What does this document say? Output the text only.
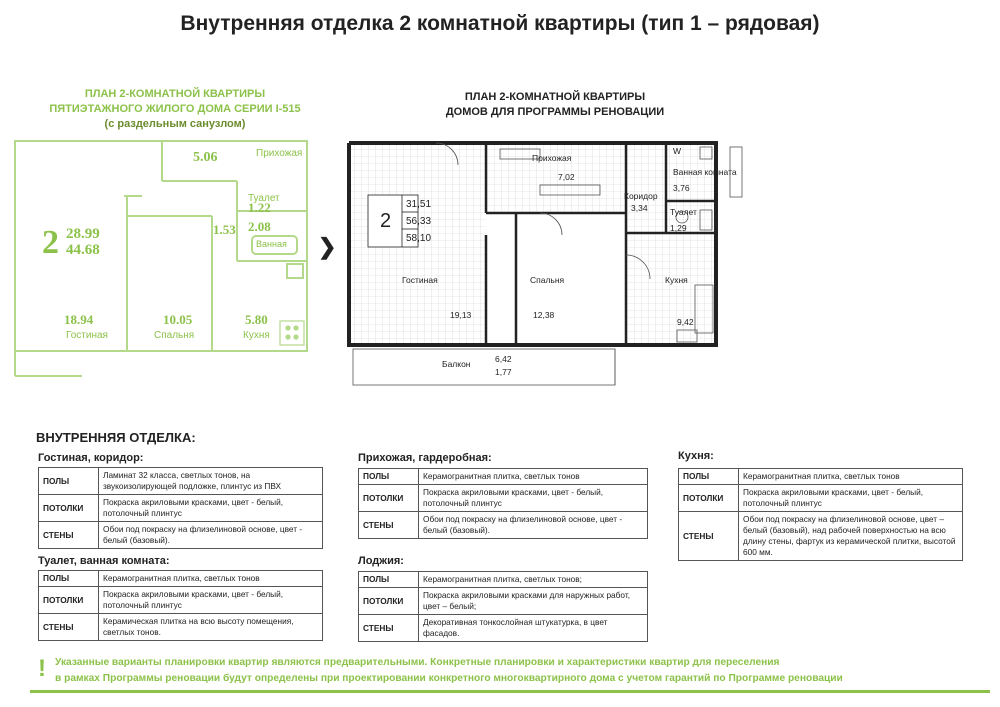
Внутренняя отделка 2 комнатной квартиры (тип 1 – рядовая)
ПЛАН 2-КОМНАТНОЙ КВАРТИРЫ
ПЯТИЭТАЖНОГО ЖИЛОГО ДОМА СЕРИИ I-515
(с раздельным санузлом)
2 28.99
44.68
5.06	Прихожая
Туалет
1.22
2.08
Ванная
1.53
18.94
Гостиная
10.05
Спальня
5.80
Кухня
❯
ПЛАН 2-КОМНАТНОЙ КВАРТИРЫ
ДОМОВ ДЛЯ ПРОГРАММЫ РЕНОВАЦИИ
2
31,51
56,33
58,10
Прихожая
7,02
W
Ванная комната
3,76
Коридор
3,34	Туалет
1,29
Гостиная
19,13
Спальня
12,38
Кухня
9,42
Балкон	6,42
1,77
ВНУТРЕННЯЯ ОТДЕЛКА:
Гостиная, коридор:
ПОЛЫ	Ламинат 32 класса, светлых тонов, на звукоизолирующей подложке, плинтус из ПВХ
ПОТОЛКИ	Покраска акриловыми красками, цвет - белый, потолочный плинтус
СТЕНЫ	Обои под покраску на флизелиновой основе, цвет - белый (базовый).
Туалет, ванная комната:
ПОЛЫ	Керамогранитная плитка, светлых тонов
ПОТОЛКИ	Покраска акриловыми красками, цвет - белый, потолочный плинтус
СТЕНЫ	Керамическая плитка на всю высоту помещения, светлых тонов.
Прихожая, гардеробная:
ПОЛЫ	Керамогранитная плитка, светлых тонов
ПОТОЛКИ	Покраска акриловыми красками, цвет - белый, потолочный плинтус
СТЕНЫ	Обои под покраску на флизелиновой основе, цвет - белый (базовый).
Лоджия:
ПОЛЫ	Керамогранитная плитка, светлых тонов;
ПОТОЛКИ	Покраска акриловыми красками для наружных работ, цвет – белый;
СТЕНЫ	Декоративная тонкослойная штукатурка, в цвет фасадов.
Кухня:
ПОЛЫ	Керамогранитная плитка, светлых тонов
ПОТОЛКИ	Покраска акриловыми красками, цвет - белый, потолочный плинтус
СТЕНЫ	Обои под покраску на флизелиновой основе, цвет – белый (базовый), над рабочей поверхностью на всю длину стены, фартук из керамической плитки, высотой 600 мм.
! Указанные варианты планировки квартир являются предварительными. Конкретные планировки и характеристики квартир для переселения
в рамках Программы реновации будут определены при проектировании конкретного многоквартирного дома с учетом гарантий по Программе реновации
